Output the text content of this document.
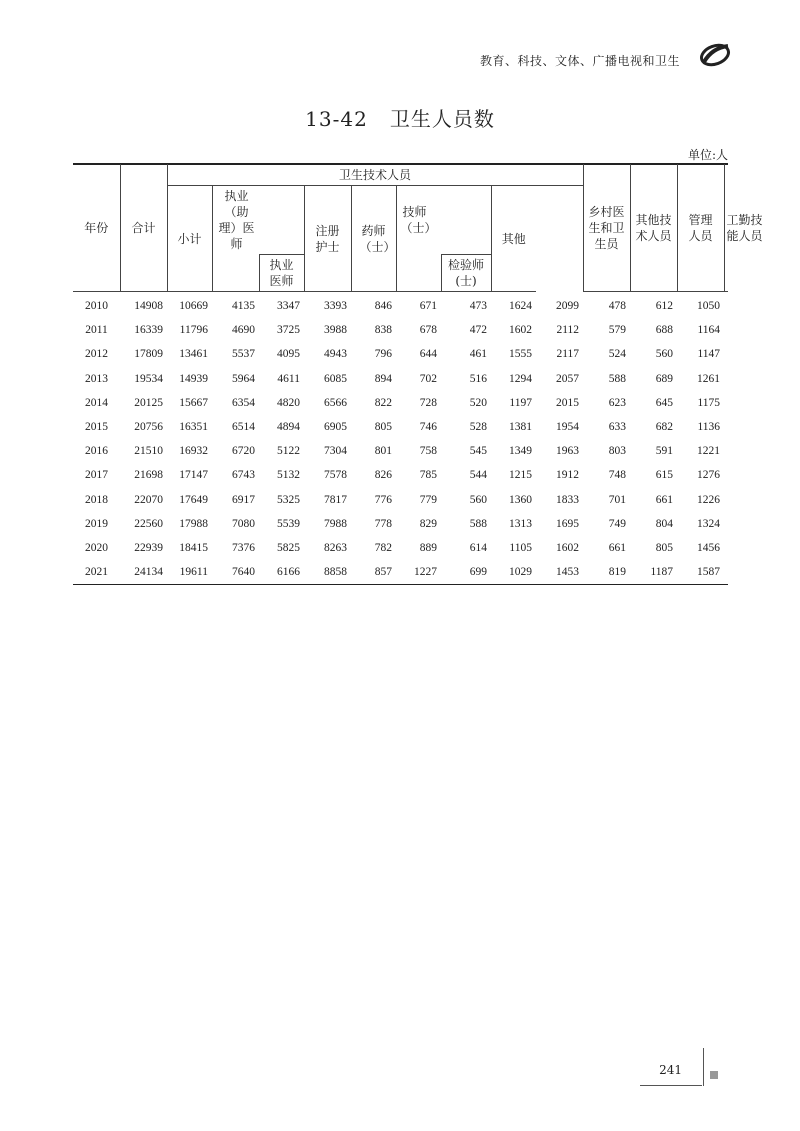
教育、科技、文体、广播电视和卫生
13-42 卫生人员数
单位:人
年份	合计	卫生技术人员									乡村医生和卫生员	其他技术人员	管理人员	工勤技能人员
		小计	执业（助理）医师		注册护士	药师（士）	技师（士）		其他					
				执业医师				检验师(士)						
2010	14908	10669	4135	3347	3393	846	671	473	1624	2099	478	612	1050	
2011	16339	11796	4690	3725	3988	838	678	472	1602	2112	579	688	1164	
2012	17809	13461	5537	4095	4943	796	644	461	1555	2117	524	560	1147	
2013	19534	14939	5964	4611	6085	894	702	516	1294	2057	588	689	1261	
2014	20125	15667	6354	4820	6566	822	728	520	1197	2015	623	645	1175	
2015	20756	16351	6514	4894	6905	805	746	528	1381	1954	633	682	1136	
2016	21510	16932	6720	5122	7304	801	758	545	1349	1963	803	591	1221	
2017	21698	17147	6743	5132	7578	826	785	544	1215	1912	748	615	1276	
2018	22070	17649	6917	5325	7817	776	779	560	1360	1833	701	661	1226	
2019	22560	17988	7080	5539	7988	778	829	588	1313	1695	749	804	1324	
2020	22939	18415	7376	5825	8263	782	889	614	1105	1602	661	805	1456	
2021	24134	19611	7640	6166	8858	857	1227	699	1029	1453	819	1187	1587	
241
